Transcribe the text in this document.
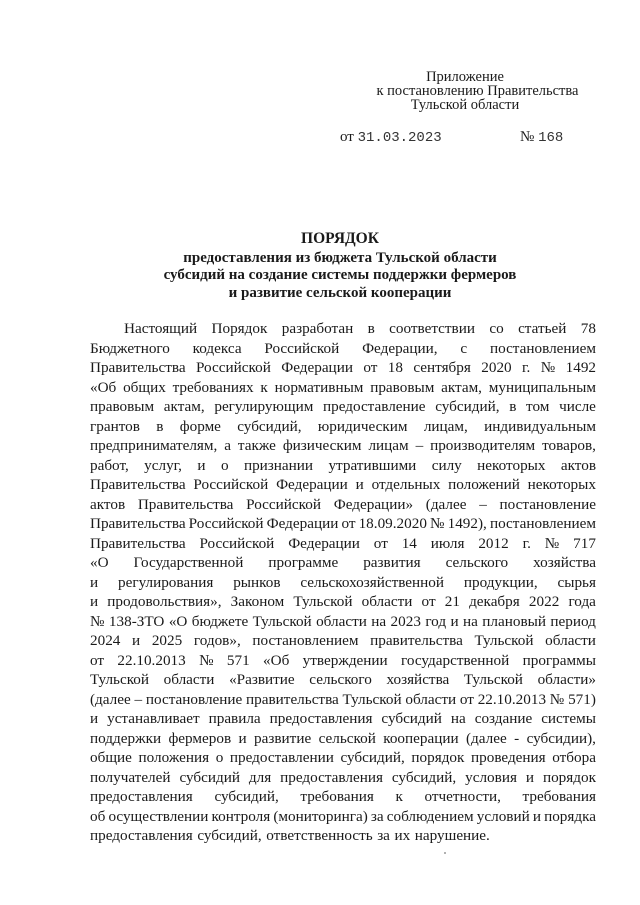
Приложение
к постановлению Правительства
Тульской области
от 31.03.2023	№ 168
ПОРЯДОК
предоставления из бюджета Тульской области
субсидий на создание системы поддержки фермеров
и развитие сельской кооперации
Настоящий Порядок разработан в соответствии со статьей 78
Бюджетного кодекса Российской Федерации, с постановлением
Правительства Российской Федерации от 18 сентября 2020 г. № 1492
«Об общих требованиях к нормативным правовым актам, муниципальным
правовым актам, регулирующим предоставление субсидий, в том числе
грантов в форме субсидий, юридическим лицам, индивидуальным
предпринимателям, а также физическим лицам – производителям товаров,
работ, услуг, и о признании утратившими силу некоторых актов
Правительства Российской Федерации и отдельных положений некоторых
актов Правительства Российской Федерации» (далее – постановление
Правительства Российской Федерации от 18.09.2020 № 1492), постановлением
Правительства Российской Федерации от 14 июля 2012 г. № 717
«О Государственной программе развития сельского хозяйства
и регулирования рынков сельскохозяйственной продукции, сырья
и продовольствия», Законом Тульской области от 21 декабря 2022 года
№ 138-ЗТО «О бюджете Тульской области на 2023 год и на плановый период
2024 и 2025 годов», постановлением правительства Тульской области
от 22.10.2013 № 571 «Об утверждении государственной программы
Тульской области «Развитие сельского хозяйства Тульской области»
(далее – постановление правительства Тульской области от 22.10.2013 № 571)
и устанавливает правила предоставления субсидий на создание системы
поддержки фермеров и развитие сельской кооперации (далее - субсидии),
общие положения о предоставлении субсидий, порядок проведения отбора
получателей субсидий для предоставления субсидий, условия и порядок
предоставления субсидий, требования к отчетности, требования
об осуществлении контроля (мониторинга) за соблюдением условий и порядка
предоставления субсидий, ответственность за их нарушение.
